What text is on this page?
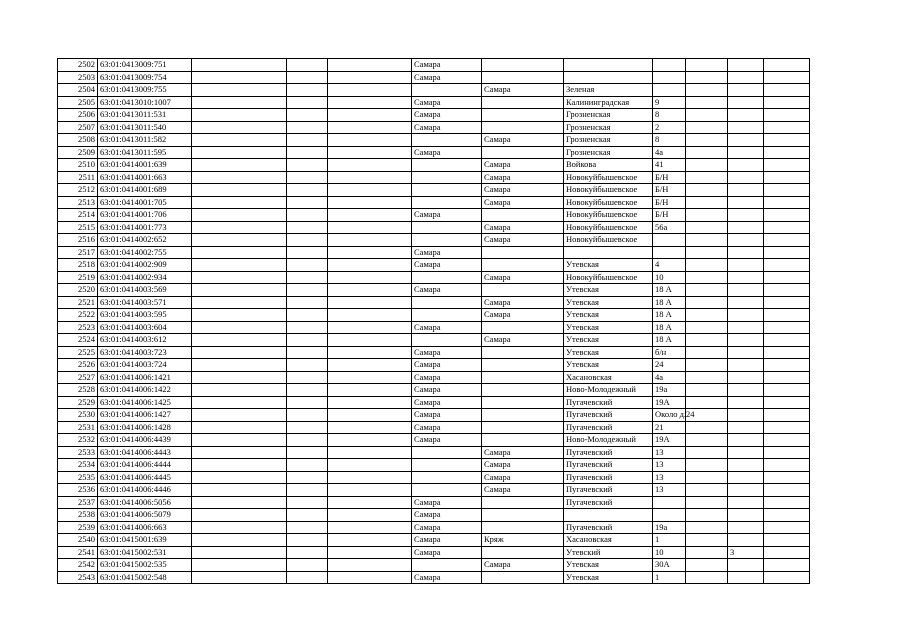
2502	63:01:0413009:751				Самара						
2503	63:01:0413009:754				Самара						
2504	63:01:0413009:755					Самара	Зеленая				
2505	63:01:0413010:1007				Самара		Калининградская	9			
2506	63:01:0413011:531				Самара		Грозненская	8			
2507	63:01:0413011:540				Самара		Грозненская	2			
2508	63:01:0413011:582					Самара	Грозненская	8			
2509	63:01:0413011:595				Самара		Грозненская	4а			
2510	63:01:0414001:639					Самара	Войкова	41			
2511	63:01:0414001:663					Самара	Новокуйбышевское	Б/Н			
2512	63:01:0414001:689					Самара	Новокуйбышевское	Б/Н			
2513	63:01:0414001:705					Самара	Новокуйбышевское	Б/Н			
2514	63:01:0414001:706				Самара		Новокуйбышевское	Б/Н			
2515	63:01:0414001:773					Самара	Новокуйбышевское	56а			
2516	63:01:0414002:652					Самара	Новокуйбышевское				
2517	63:01:0414002:755				Самара						
2518	63:01:0414002:909				Самара		Утевская	4			
2519	63:01:0414002:934					Самара	Новокуйбышевское	10			
2520	63:01:0414003:569				Самара		Утевская	18 А			
2521	63:01:0414003:571					Самара	Утевская	18 А			
2522	63:01:0414003:595					Самара	Утевская	18 А			
2523	63:01:0414003:604				Самара		Утевская	18 А			
2524	63:01:0414003:612					Самара	Утевская	18 А			
2525	63:01:0414003:723				Самара		Утевская	б/н			
2526	63:01:0414003:724				Самара		Утевская	24			
2527	63:01:0414006:1421				Самара		Хасановская	4а			
2528	63:01:0414006:1422				Самара		Ново-Молодежный	19а			
2529	63:01:0414006:1425				Самара		Пугачевский	19А			
2530	63:01:0414006:1427				Самара		Пугачевский	Около д.24			
2531	63:01:0414006:1428				Самара		Пугачевский	21			
2532	63:01:0414006:4439				Самара		Ново-Молодежный	19А			
2533	63:01:0414006:4443					Самара	Пугачевский	13			
2534	63:01:0414006:4444					Самара	Пугачевский	13			
2535	63:01:0414006:4445					Самара	Пугачевский	13			
2536	63:01:0414006:4446					Самара	Пугачевский	13			
2537	63:01:0414006:5056				Самара		Пугачевский				
2538	63:01:0414006:5079				Самара						
2539	63:01:0414006:663				Самара		Пугачевский	19а			
2540	63:01:0415001:639				Самара	Кряж	Хасановская	1			
2541	63:01:0415002:531				Самара		Утевский	10		3	
2542	63:01:0415002:535					Самара	Утевская	30А			
2543	63:01:0415002:548				Самара		Утевская	1			
